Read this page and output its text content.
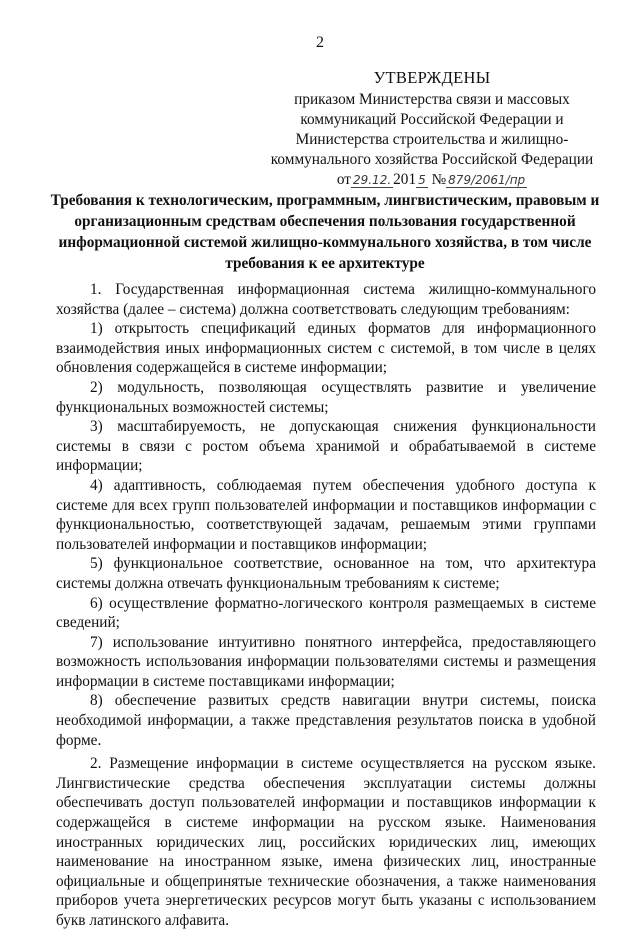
2
УТВЕРЖДЕНЫ
приказом Министерства связи и массовых
коммуникаций Российской Федерации и
Министерства строительства и жилищно-
коммунального хозяйства Российской Федерации
от 29.12. 201 5 № 879/2061/пр
Требования к технологическим, программным, лингвистическим, правовым и организационным средствам обеспечения пользования государственной информационной системой жилищно-коммунального хозяйства, в том числе требования к ее архитектуре

1. Государственная информационная система жилищно-коммунального хозяйства (далее – система) должна соответствовать следующим требованиям:

1) открытость спецификаций единых форматов для информационного взаимодействия иных информационных систем с системой, в том числе в целях обновления содержащейся в системе информации;

2) модульность, позволяющая осуществлять развитие и увеличение функциональных возможностей системы;

3) масштабируемость, не допускающая снижения функциональности системы в связи с ростом объема хранимой и обрабатываемой в системе информации;

4) адаптивность, соблюдаемая путем обеспечения удобного доступа к системе для всех групп пользователей информации и поставщиков информации с функциональностью, соответствующей задачам, решаемым этими группами пользователей информации и поставщиков информации;

5) функциональное соответствие, основанное на том, что архитектура системы должна отвечать функциональным требованиям к системе;

6) осуществление форматно-логического контроля размещаемых в системе сведений;

7) использование интуитивно понятного интерфейса, предоставляющего возможность использования информации пользователями системы и размещения информации в системе поставщиками информации;

8) обеспечение развитых средств навигации внутри системы, поиска необходимой информации, а также представления результатов поиска в удобной форме.

2. Размещение информации в системе осуществляется на русском языке. Лингвистические средства обеспечения эксплуатации системы должны обеспечивать доступ пользователей информации и поставщиков информации к содержащейся в системе информации на русском языке. Наименования иностранных юридических лиц, российских юридических лиц, имеющих наименование на иностранном языке, имена физических лиц, иностранные официальные и общепринятые технические обозначения, а также наименования приборов учета энергетических ресурсов могут быть указаны с использованием букв латинского алфавита.
